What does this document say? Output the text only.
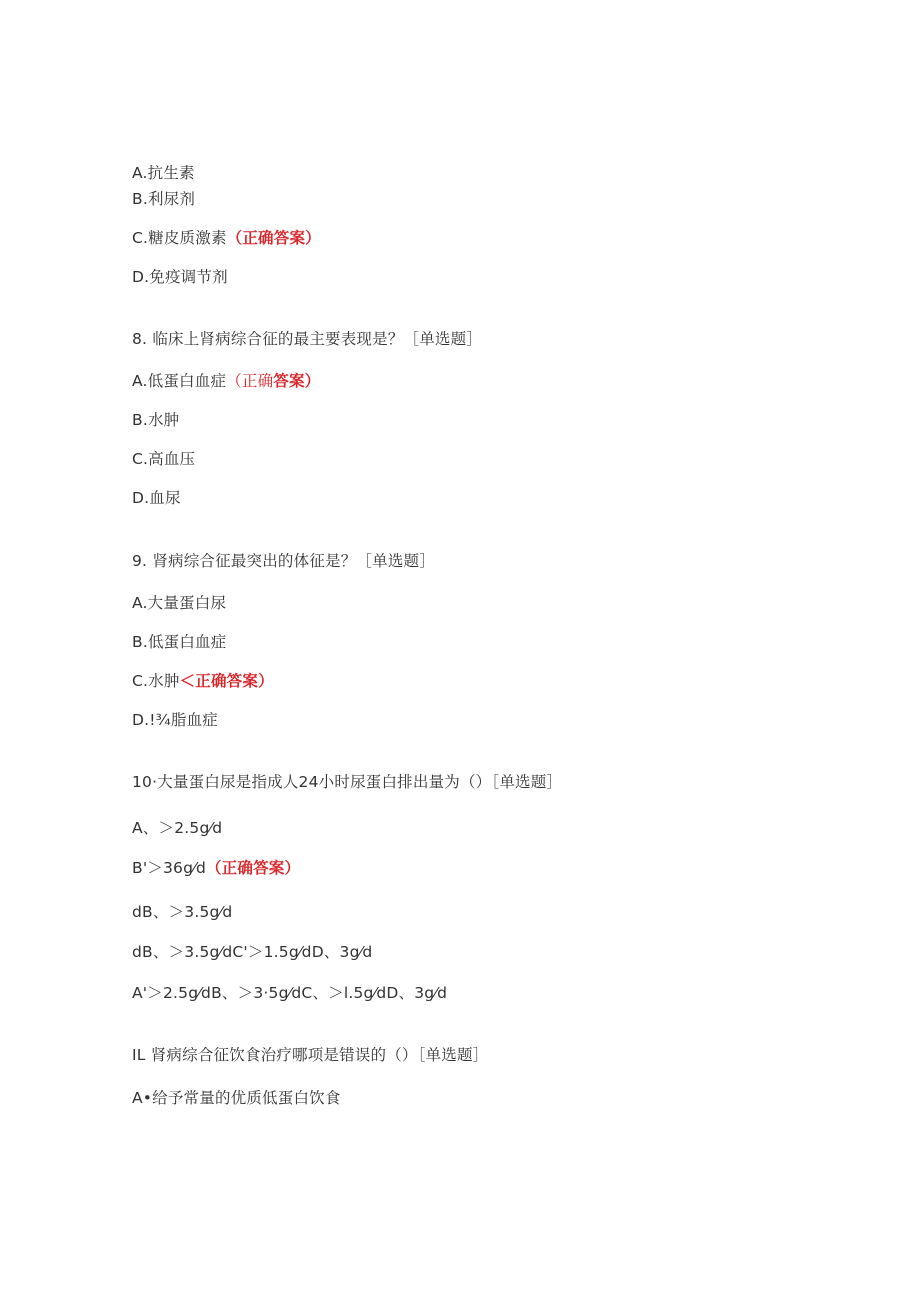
A.抗生素
B.利尿剂
C.糖皮质激素（正确答案）
D.免疫调节剂
8. 临床上肾病综合征的最主要表现是？［单选题］
A.低蛋白血症（正确答案）
B.水肿
C.高血压
D.血尿
9. 肾病综合征最突出的体征是？［单选题］
A.大量蛋白尿
B.低蛋白血症
C.水肿＜正确答案）
D.!¾脂血症
10·大量蛋白尿是指成人24小时尿蛋白排出量为（）［单选题］
A、＞2.5g⁄d
B'＞36g⁄d（正确答案）
dB、＞3.5g⁄d
dB、＞3.5g⁄dC'＞1.5g⁄dD、3g⁄d
A'＞2.5g⁄dB、＞3·5g⁄dC、＞l.5g⁄dD、3g⁄d
IL 肾病综合征饮食治疗哪项是错误的（）［单选题］
A•给予常量的优质低蛋白饮食
